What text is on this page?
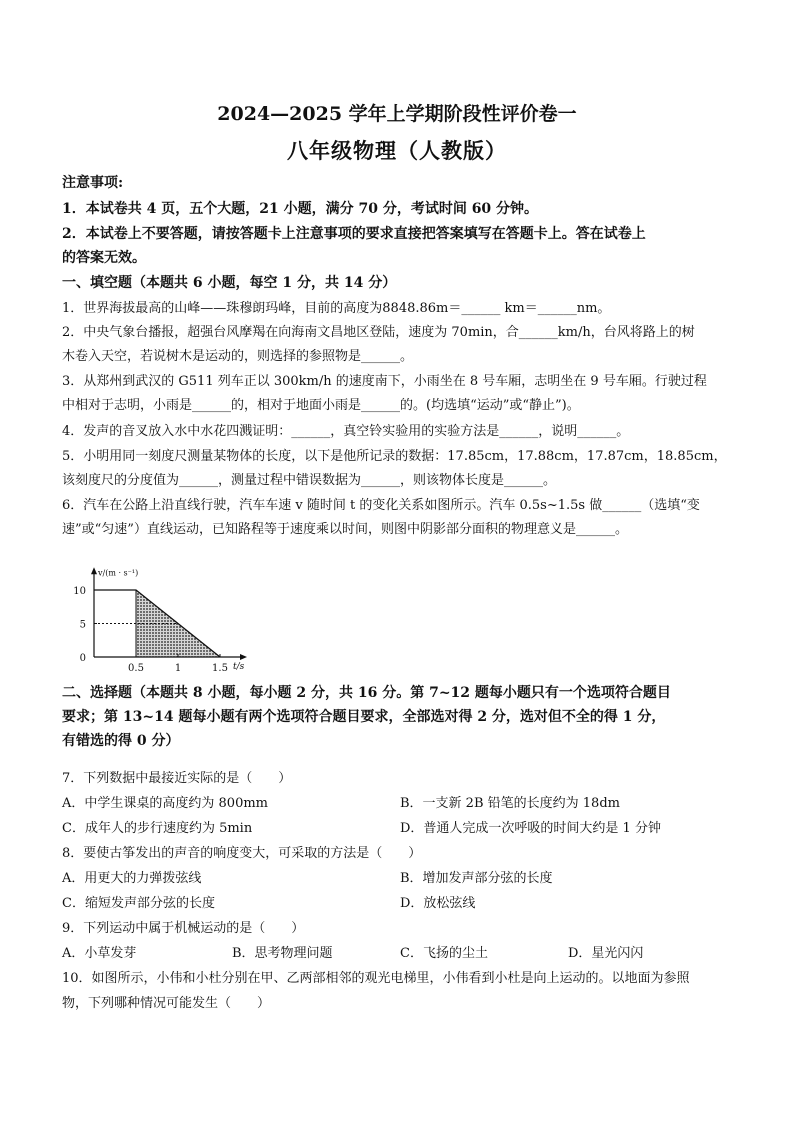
2024—2025 学年上学期阶段性评价卷一
八年级物理（人教版）
注意事项:
1．本试卷共 4 页，五个大题，21 小题，满分 70 分，考试时间 60 分钟。
2．本试卷上不要答题，请按答题卡上注意事项的要求直接把答案填写在答题卡上。答在试卷上
的答案无效。
一、填空题（本题共 6 小题，每空 1 分，共 14 分）
1．世界海拔最高的山峰——珠穆朗玛峰，目前的高度为8848.86m＝______ km＝______nm。
2．中央气象台播报，超强台风摩羯在向海南文昌地区登陆，速度为 70min，合______km/h，台风将路上的树
木卷入天空，若说树木是运动的，则选择的参照物是______。
3．从郑州到武汉的 G511 列车正以 300km/h 的速度南下，小雨坐在 8 号车厢，志明坐在 9 号车厢。行驶过程
中相对于志明，小雨是______的，相对于地面小雨是______的。(均选填“运动”或“静止”)。
4．发声的音叉放入水中水花四溅证明：______，真空铃实验用的实验方法是______，说明______。
5．小明用同一刻度尺测量某物体的长度，以下是他所记录的数据：17.85cm，17.88cm，17.87cm，18.85cm，
该刻度尺的分度值为______，测量过程中错误数据为______，则该物体长度是______。
6．汽车在公路上沿直线行驶，汽车车速 v 随时间 t 的变化关系如图所示。汽车 0.5s~1.5s 做______（选填“变
速”或“匀速”）直线运动，已知路程等于速度乘以时间，则图中阴影部分面积的物理意义是______。
0.5	1	1.5
0
5
10
v/(m · s⁻¹)
t/s
二、选择题（本题共 8 小题，每小题 2 分，共 16 分。第 7~12 题每小题只有一个选项符合题目
要求；第 13~14 题每小题有两个选项符合题目要求，全部选对得 2 分，选对但不全的得 1 分，
有错选的得 0 分）
7．下列数据中最接近实际的是（　　）
A．中学生课桌的高度约为 800mm	B．一支新 2B 铅笔的长度约为 18dm
C．成年人的步行速度约为 5min	D．普通人完成一次呼吸的时间大约是 1 分钟
8．要使古筝发出的声音的响度变大，可采取的方法是（　　）
A．用更大的力弹拨弦线	B．增加发声部分弦的长度
C．缩短发声部分弦的长度	D．放松弦线
9．下列运动中属于机械运动的是（　　）
A．小草发芽	B．思考物理问题	C．飞扬的尘土	D．星光闪闪
10．如图所示，小伟和小杜分别在甲、乙两部相邻的观光电梯里，小伟看到小杜是向上运动的。以地面为参照
物，下列哪种情况可能发生（　　）
